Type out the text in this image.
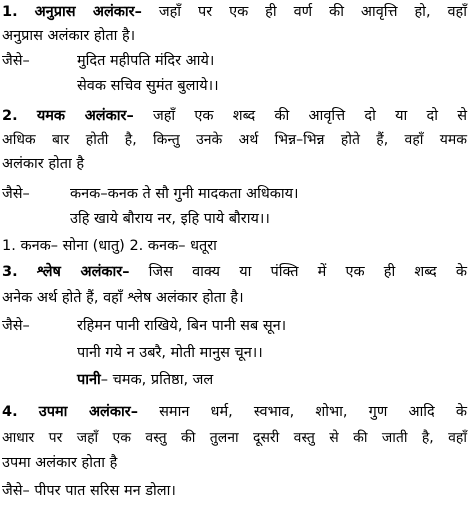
1. अनुप्रास अलंकार– जहाँ पर एक ही वर्ण की आवृत्ति हो, वहाँ
अनुप्रास अलंकार होता है।
जैसे–	मुदित महीपति मंदिर आये।
सेवक सचिव सुमंत बुलाये।।
2. यमक अलंकार– जहाँ एक शब्द की आवृत्ति दो या दो से
अधिक बार होती है, किन्तु उनके अर्थ भिन्न–भिन्न होते हैं, वहाँ यमक
अलंकार होता है
जैसे–	कनक–कनक ते सौ गुनी मादकता अधिकाय।
उहि खाये बौराय नर, इहि पाये बौराय।।
1. कनक– सोना (धातु) 2. कनक– धतूरा
3. श्लेष अलंकार– जिस वाक्य या पंक्ति में एक ही शब्द के
अनेक अर्थ होते हैं, वहाँ श्लेष अलंकार होता है।
जैसे–	रहिमन पानी राखिये, बिन पानी सब सून।
पानी गये न उबरै, मोती मानुस चून।।
पानी– चमक, प्रतिष्ठा, जल
4. उपमा अलंकार– समान धर्म, स्वभाव, शोभा, गुण आदि के
आधार पर जहाँ एक वस्तु की तुलना दूसरी वस्तु से की जाती है, वहाँ
उपमा अलंकार होता है
जैसे– पीपर पात सरिस मन डोला।
